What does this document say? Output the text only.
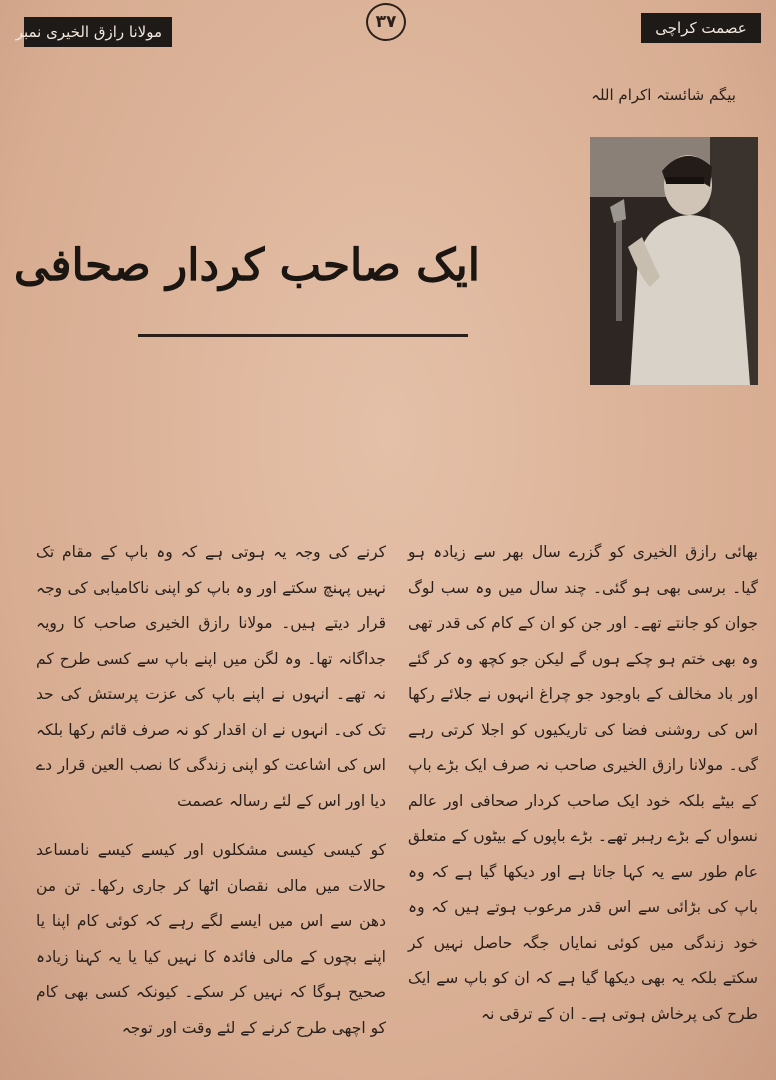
مولانا رازق الخیری نمبر	۳۷	عصمت کراچی
بیگم شائستہ اکرام اللہ
ایک صاحب کردار صحافی

بھائی رازق الخیری کو گزرے سال بھر سے زیادہ ہو گیا۔ برسی بھی ہو گئی۔ چند سال میں وہ سب لوگ جوان کو جانتے تھے۔ اور جن کو ان کے کام کی قدر تھی وہ بھی ختم ہو چکے ہوں گے لیکن جو کچھ وہ کر گئے اور باد مخالف کے باوجود جو چراغ انہوں نے جلائے رکھا اس کی روشنی فضا کی تاریکیوں کو اجلا کرتی رہے گی۔ مولانا رازق الخیری صاحب نہ صرف ایک بڑے باپ کے بیٹے بلکہ خود ایک صاحب کردار صحافی اور عالم نسواں کے بڑے رہبر تھے۔ بڑے باپوں کے بیٹوں کے متعلق عام طور سے یہ کہا جاتا ہے اور دیکھا گیا ہے کہ وہ باپ کی بڑائی سے اس قدر مرعوب ہوتے ہیں کہ وہ خود زندگی میں کوئی نمایاں جگہ حاصل نہیں کر سکتے بلکہ یہ بھی دیکھا گیا ہے کہ ان کو باپ سے ایک طرح کی پرخاش ہوتی ہے۔ ان کے ترقی نہ

کرنے کی وجہ یہ ہوتی ہے کہ وہ باپ کے مقام تک نہیں پہنچ سکتے اور وہ باپ کو اپنی ناکامیابی کی وجہ قرار دیتے ہیں۔ مولانا رازق الخیری صاحب کا رویہ جداگانہ تھا۔ وہ لگن میں اپنے باپ سے کسی طرح کم نہ تھے۔ انہوں نے اپنے باپ کی عزت پرستش کی حد تک کی۔ انہوں نے ان اقدار کو نہ صرف قائم رکھا بلکہ اس کی اشاعت کو اپنی زندگی کا نصب العین قرار دے دیا اور اس کے لئے رسالہ عصمت

کو کیسی کیسی مشکلوں اور کیسے کیسے نامساعد حالات میں مالی نقصان اٹھا کر جاری رکھا۔ تن من دھن سے اس میں ایسے لگے رہے کہ کوئی کام اپنا یا اپنے بچوں کے مالی فائدہ کا نہیں کیا یا یہ کہنا زیادہ صحیح ہوگا کہ نہیں کر سکے۔ کیونکہ کسی بھی کام کو اچھی طرح کرنے کے لئے وقت اور توجہ
